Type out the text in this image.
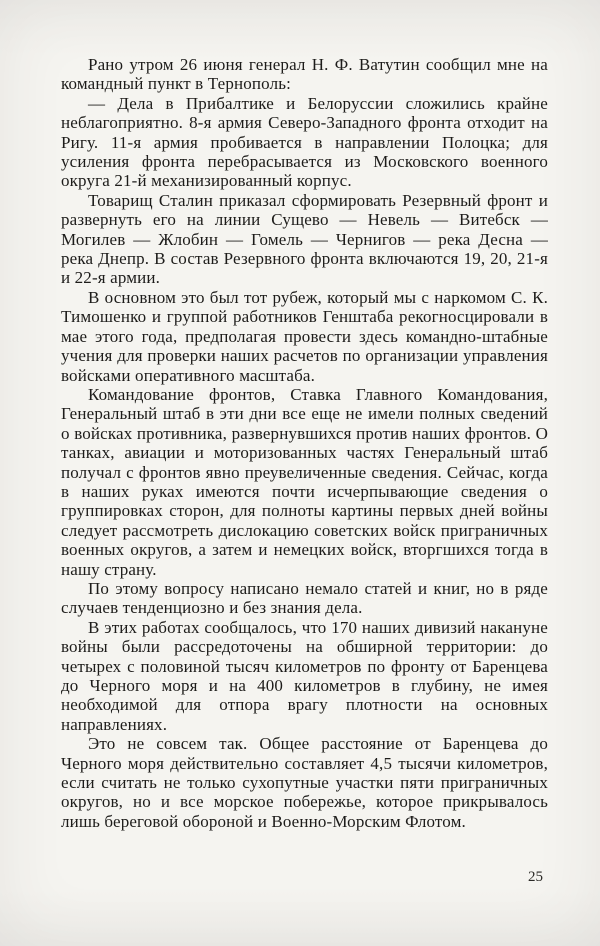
Рано утром 26 июня генерал Н. Ф. Ватутин сообщил мне на командный пункт в Тернополь:

— Дела в Прибалтике и Белоруссии сложились крайне неблагоприятно. 8-я армия Северо-Западного фронта отходит на Ригу. 11-я армия пробивается в направлении Полоцка; для усиления фронта перебрасывается из Московского военного округа 21-й механизированный корпус.

Товарищ Сталин приказал сформировать Резервный фронт и развернуть его на линии Сущево — Невель — Витебск — Могилев — Жлобин — Гомель — Чернигов — река Десна — река Днепр. В состав Резервного фронта включаются 19, 20, 21-я и 22-я армии.

В основном это был тот рубеж, который мы с наркомом С. К. Тимошенко и группой работников Генштаба рекогносцировали в мае этого года, предполагая провести здесь командно-штабные учения для проверки наших расчетов по организации управления войсками оперативного масштаба.

Командование фронтов, Ставка Главного Командования, Генеральный штаб в эти дни все еще не имели полных сведений о войсках противника, развернувшихся против наших фронтов. О танках, авиации и моторизованных частях Генеральный штаб получал с фронтов явно преувеличенные сведения. Сейчас, когда в наших руках имеются почти исчерпывающие сведения о группировках сторон, для полноты картины первых дней войны следует рассмотреть дислокацию советских войск приграничных военных округов, а затем и немецких войск, вторгшихся тогда в нашу страну.

По этому вопросу написано немало статей и книг, но в ряде случаев тенденциозно и без знания дела.

В этих работах сообщалось, что 170 наших дивизий накануне войны были рассредоточены на обширной территории: до четырех с половиной тысяч километров по фронту от Баренцева до Черного моря и на 400 километров в глубину, не имея необходимой для отпора врагу плотности на основных направлениях.

Это не совсем так. Общее расстояние от Баренцева до Черного моря действительно составляет 4,5 тысячи километров, если считать не только сухопутные участки пяти приграничных округов, но и все морское побережье, которое прикрывалось лишь береговой обороной и Военно-Морским Флотом.

25
